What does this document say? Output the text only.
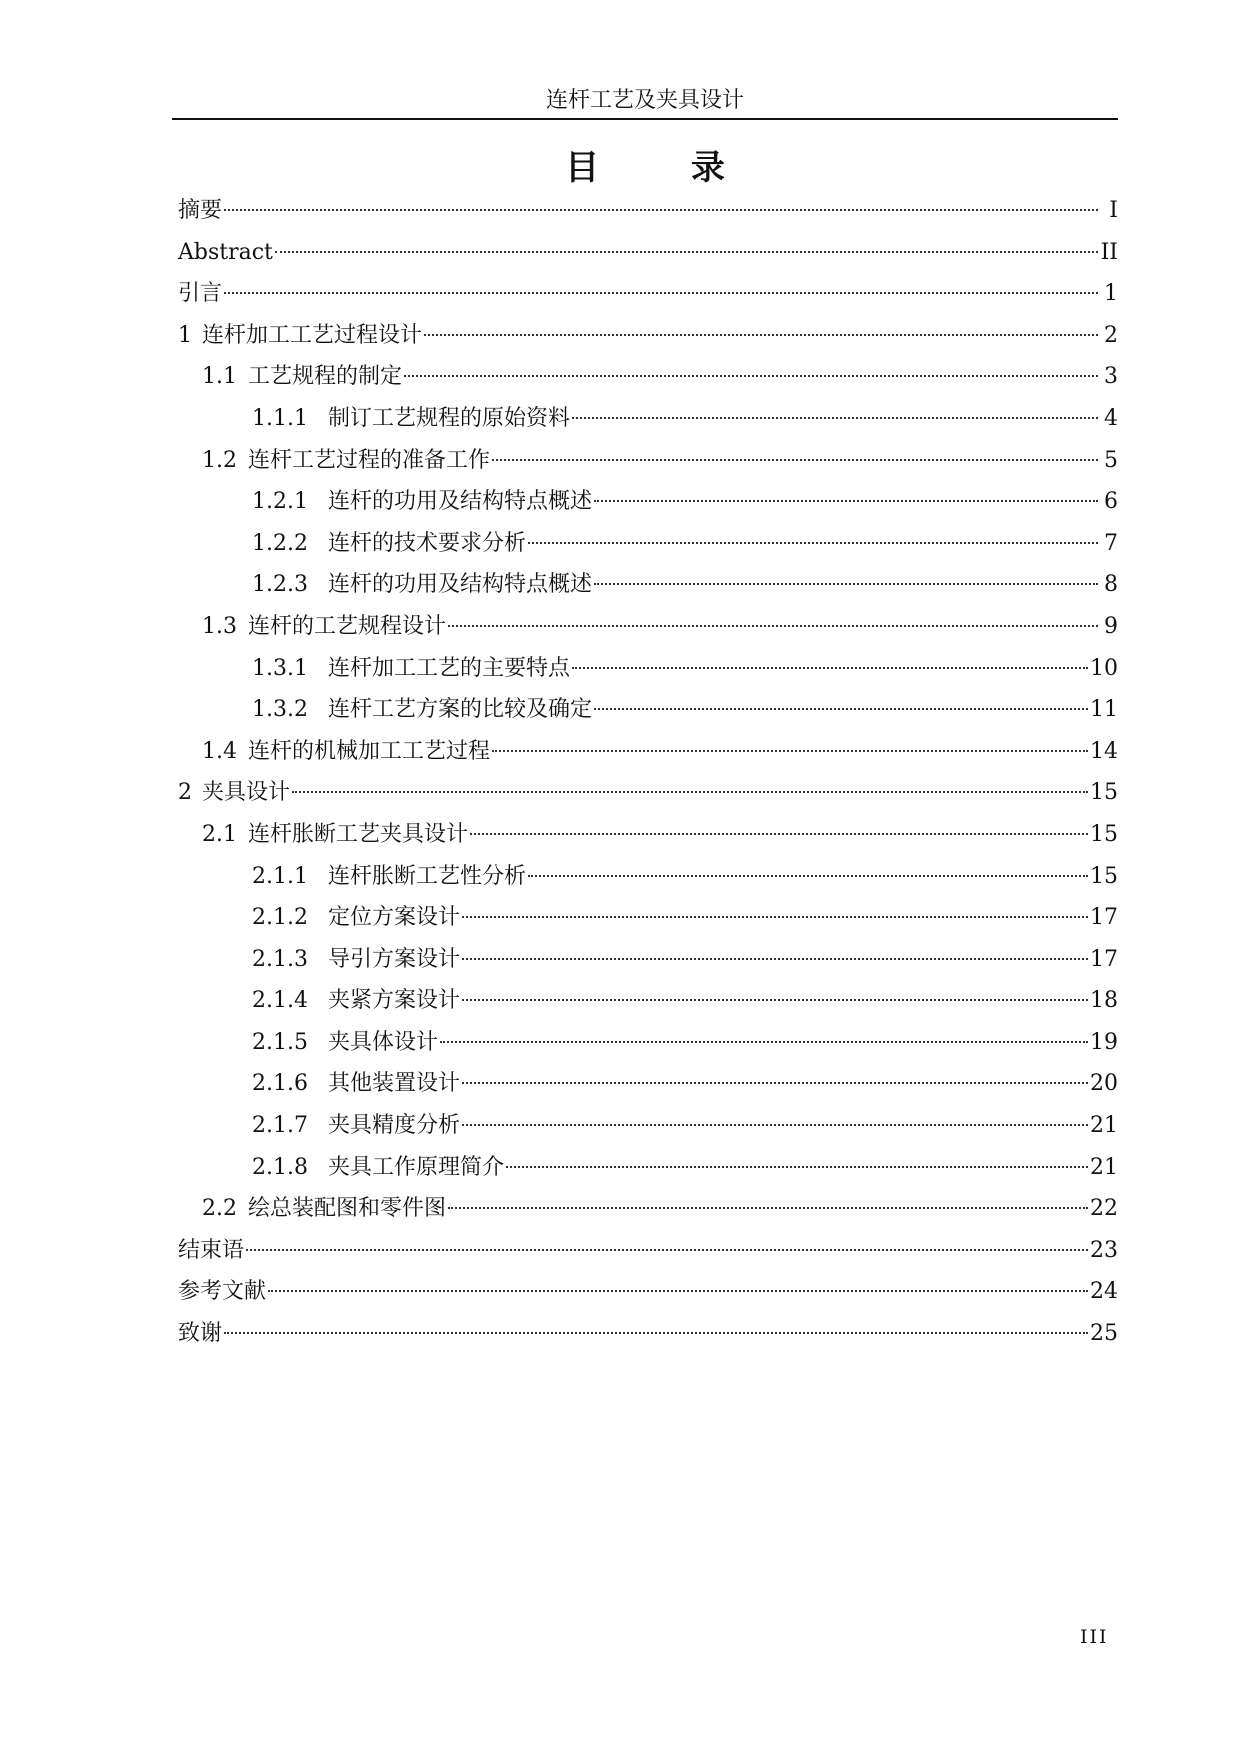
连杆工艺及夹具设计
目 录
摘要	I
Abstract	II
引言	1
1 连杆加工工艺过程设计	2
1.1 工艺规程的制定	3
1.1.1 制订工艺规程的原始资料	4
1.2 连杆工艺过程的准备工作	5
1.2.1 连杆的功用及结构特点概述	6
1.2.2 连杆的技术要求分析	7
1.2.3 连杆的功用及结构特点概述	8
1.3 连杆的工艺规程设计	9
1.3.1 连杆加工工艺的主要特点	10
1.3.2 连杆工艺方案的比较及确定	11
1.4 连杆的机械加工工艺过程	14
2 夹具设计	15
2.1 连杆胀断工艺夹具设计	15
2.1.1 连杆胀断工艺性分析	15
2.1.2 定位方案设计	17
2.1.3 导引方案设计	17
2.1.4 夹紧方案设计	18
2.1.5 夹具体设计	19
2.1.6 其他装置设计	20
2.1.7 夹具精度分析	21
2.1.8 夹具工作原理简介	21
2.2 绘总装配图和零件图	22
结束语	23
参考文献	24
致谢	25
III
